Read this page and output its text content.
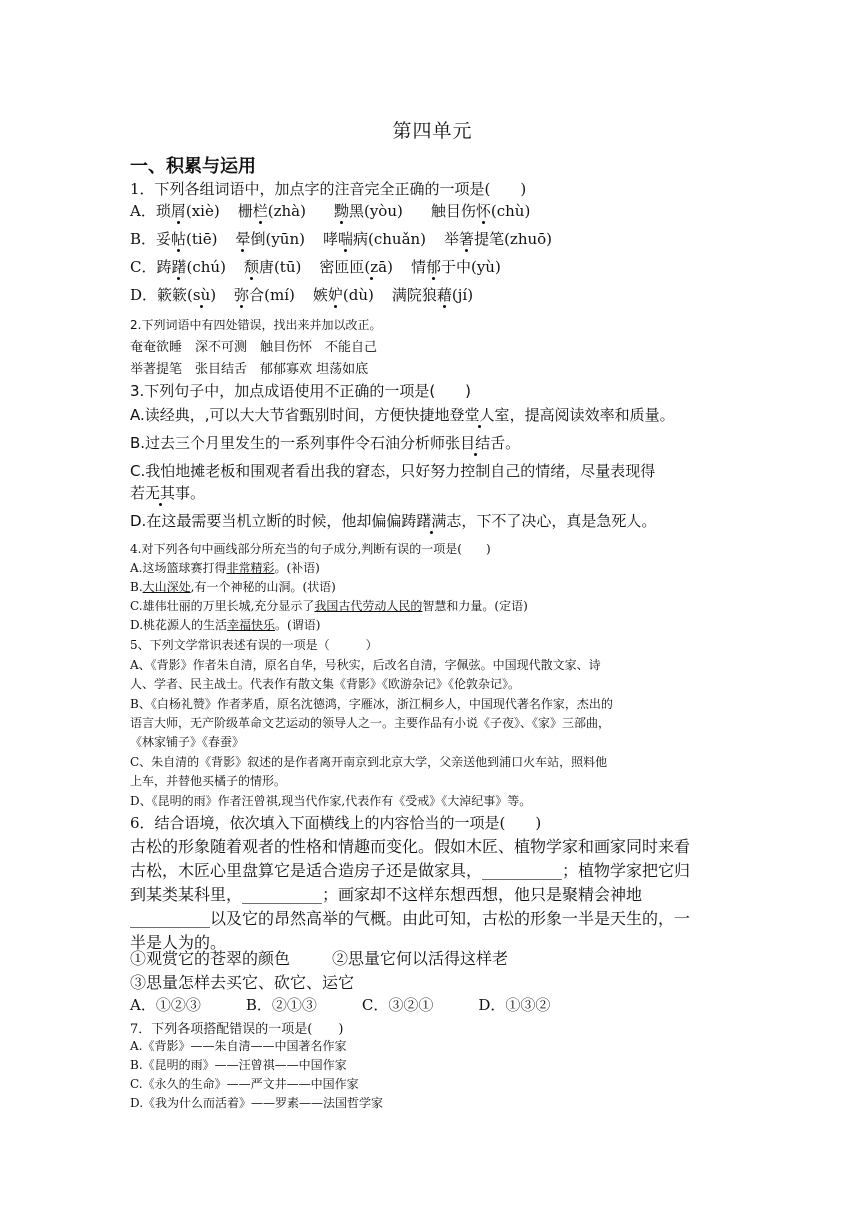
第四单元
一、积累与运用
1．下列各组词语中，加点字的注音完全正确的一项是(　　)
A．琐屑(xiè) 栅栏(zhà) 黝黑(yòu) 触目伤怀(chù)
B．妥帖(tiē) 晕倒(yūn) 哮喘病(chuǎn) 举箸提笔(zhuō)
C．踌躇(chú) 颓唐(tū) 密匝匝(zā) 情郁于中(yù)
D．簌簌(sù) 弥合(mí) 嫉妒(dù) 满院狼藉(jí)
2.下列词语中有四处错误，找出来并加以改正。
奄奄欲睡　深不可测　触目伤怀　不能自己
举著提笔　张目结舌　郁郁寡欢 坦荡如底
3.下列句子中，加点成语使用不正确的一项是(　　)
A.读经典，,可以大大节省甄别时间，方便快捷地登堂人室，提高阅读效率和质量。
B.过去三个月里发生的一系列事件令石油分析师张目结舌。
C.我怕地摊老板和围观者看出我的窘态，只好努力控制自己的情绪，尽量表现得
若无其事。
D.在这最需要当机立断的时候，他却偏偏踌躇满志，下不了决心，真是急死人。
4.对下列各句中画线部分所充当的句子成分,判断有误的一项是(　　)
A.这场篮球赛打得非常精彩。(补语)
B.大山深处,有一个神秘的山洞。(状语)
C.雄伟壮丽的万里长城,充分显示了我国古代劳动人民的智慧和力量。(定语)
D.桃花源人的生活幸福快乐。(谓语)
5、下列文学常识表述有误的一项是（　　　）
A、《背影》作者朱自清，原名自华，号秋实，后改名自清，字佩弦。中国现代散文家、诗
人、学者、民主战士。代表作有散文集《背影》《欧游杂记》《伦敦杂记》。
B、《白杨礼赞》作者茅盾，原名沈德鸿，字雁冰，浙江桐乡人，中国现代著名作家，杰出的
语言大师，无产阶级革命文艺运动的领导人之一。主要作品有小说《子夜》、《家》三部曲，
《林家铺子》《春蚕》
C、朱自清的《背影》叙述的是作者离开南京到北京大学，父亲送他到浦口火车站，照料他
上车，并替他买橘子的情形。
D、《昆明的雨》作者汪曾祺,现当代作家,代表作有《受戒》《大淖纪事》等。
6．结合语境，依次填入下面横线上的内容恰当的一项是(　　)
古松的形象随着观者的性格和情趣而变化。假如木匠、植物学家和画家同时来看
古松，木匠心里盘算它是适合造房子还是做家具，__________；植物学家把它归
到某类某科里，__________；画家却不这样东想西想，他只是聚精会神地
__________以及它的昂然高举的气概。由此可知，古松的形象一半是天生的，一
半是人为的。
①观赏它的苍翠的颜色	②思量它何以活得这样老
③思量怎样去买它、砍它、运它
A．①②③　　　B．②①③　　　C．③②①　　　D．①③②
7．下列各项搭配错误的一项是(　　)
A.《背影》——朱自清——中国著名作家
B.《昆明的雨》——汪曾祺——中国作家
C.《永久的生命》——严文井——中国作家
D.《我为什么而活着》——罗素——法国哲学家
